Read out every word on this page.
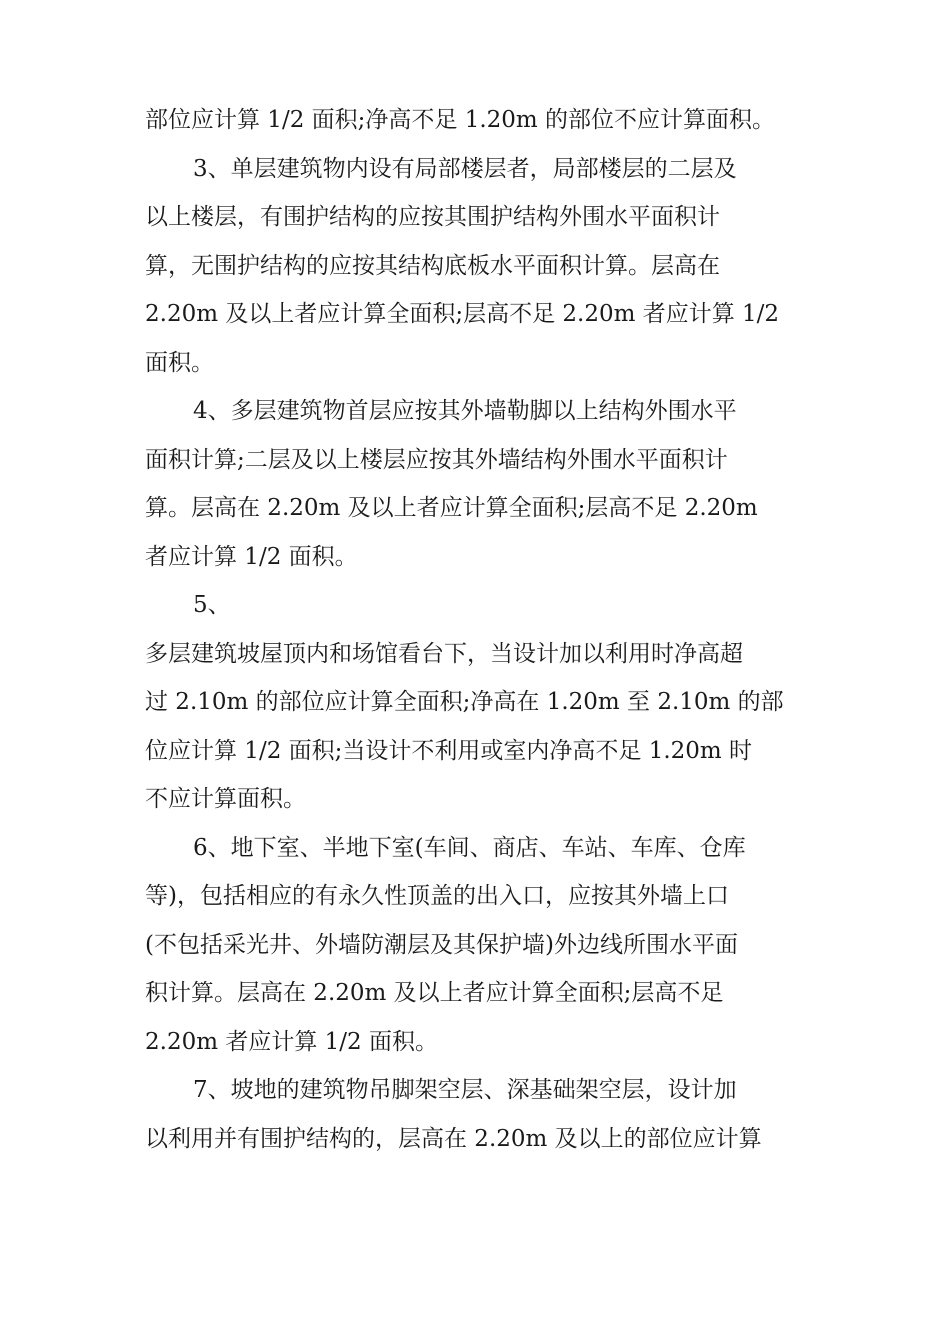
部位应计算 1/2 面积;净高不足 1.20m 的部位不应计算面积。
3、单层建筑物内设有局部楼层者，局部楼层的二层及
以上楼层，有围护结构的应按其围护结构外围水平面积计
算，无围护结构的应按其结构底板水平面积计算。层高在
2.20m 及以上者应计算全面积;层高不足 2.20m 者应计算 1/2
面积。
4、多层建筑物首层应按其外墙勒脚以上结构外围水平
面积计算;二层及以上楼层应按其外墙结构外围水平面积计
算。层高在 2.20m 及以上者应计算全面积;层高不足 2.20m
者应计算 1/2 面积。
5、
多层建筑坡屋顶内和场馆看台下，当设计加以利用时净高超
过 2.10m 的部位应计算全面积;净高在 1.20m 至 2.10m 的部
位应计算 1/2 面积;当设计不利用或室内净高不足 1.20m 时
不应计算面积。
6、地下室、半地下室(车间、商店、车站、车库、仓库
等)，包括相应的有永久性顶盖的出入口，应按其外墙上口
(不包括采光井、外墙防潮层及其保护墙)外边线所围水平面
积计算。层高在 2.20m 及以上者应计算全面积;层高不足
2.20m 者应计算 1/2 面积。
7、坡地的建筑物吊脚架空层、深基础架空层，设计加
以利用并有围护结构的，层高在 2.20m 及以上的部位应计算
